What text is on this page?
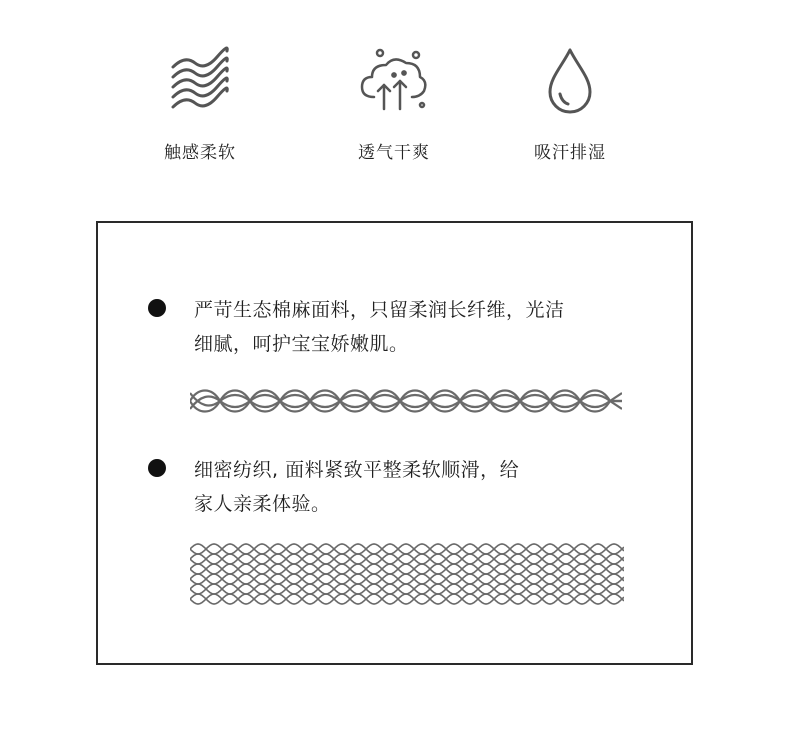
触感柔软	透气干爽	吸汗排湿
严苛生态棉麻面料，只留柔润长纤维，光洁
细腻，呵护宝宝娇嫩肌。
细密纺织, 面料紧致平整柔软顺滑，给
家人亲柔体验。
